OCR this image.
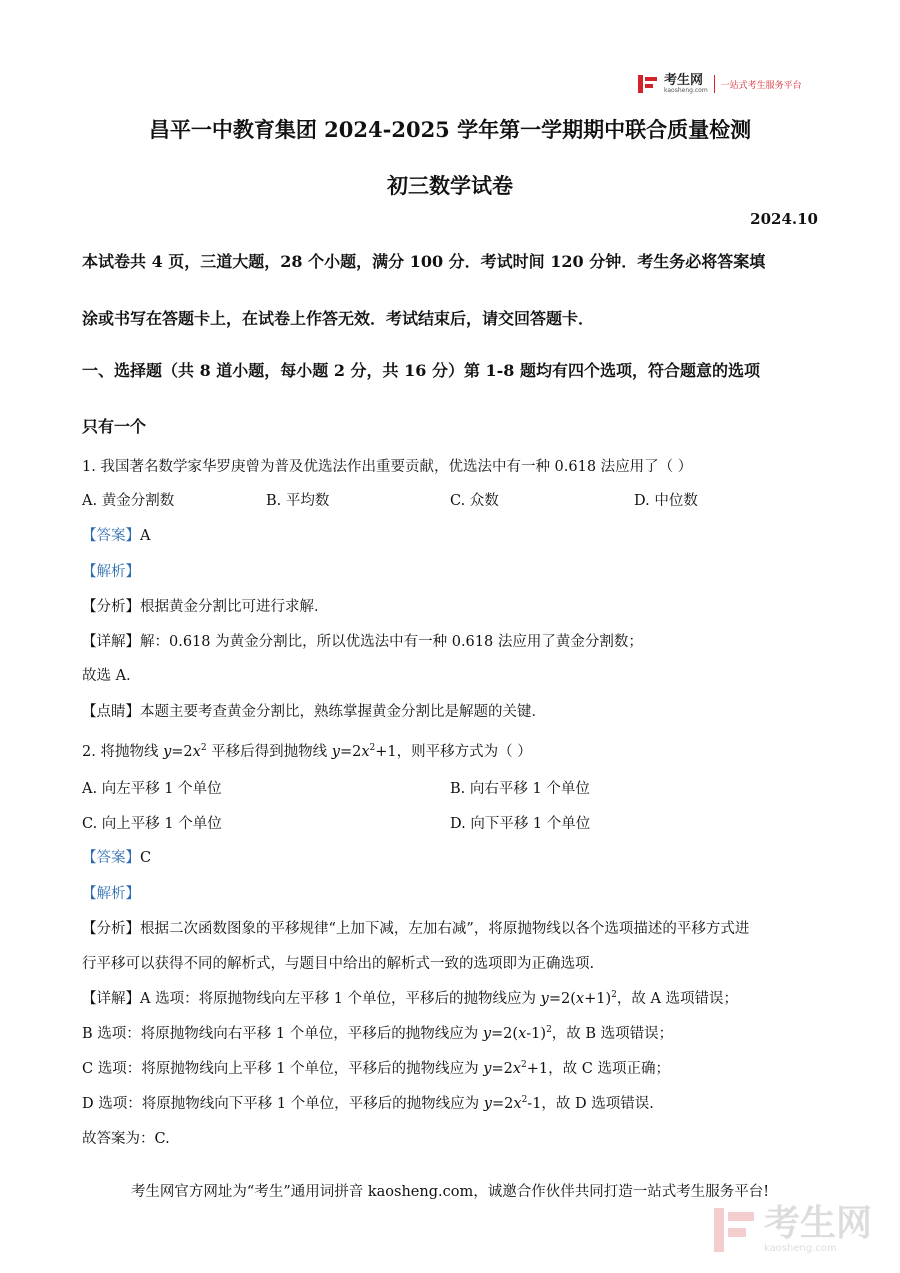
考生网
kaosheng.com 一站式考生服务平台
昌平一中教育集团 2024-2025 学年第一学期期中联合质量检测
初三数学试卷
2024.10
本试卷共 4 页，三道大题，28 个小题，满分 100 分．考试时间 120 分钟．考生务必将答案填
涂或书写在答题卡上，在试卷上作答无效．考试结束后，请交回答题卡．
一、选择题（共 8 道小题，每小题 2 分，共 16 分）第 1-8 题均有四个选项，符合题意的选项
只有一个
1. 我国著名数学家华罗庚曾为普及优选法作出重要贡献，优选法中有一种 0.618 法应用了（ ）
A. 黄金分割数	B. 平均数	C. 众数	D. 中位数
【答案】A
【解析】
【分析】根据黄金分割比可进行求解．
【详解】解：0.618 为黄金分割比，所以优选法中有一种 0.618 法应用了黄金分割数；
故选 A．
【点睛】本题主要考查黄金分割比，熟练掌握黄金分割比是解题的关键．
2. 将抛物线 $y=2x^2$ 平移后得到抛物线 $y=2x^2+1$，则平移方式为（ ）
A. 向左平移 1 个单位	B. 向右平移 1 个单位
C. 向上平移 1 个单位	D. 向下平移 1 个单位
【答案】C
【解析】
【分析】根据二次函数图象的平移规律“上加下减，左加右减”，将原抛物线以各个选项描述的平移方式进
行平移可以获得不同的解析式，与题目中给出的解析式一致的选项即为正确选项.
【详解】A 选项：将原抛物线向左平移 1 个单位，平移后的抛物线应为 $y=2(x+1)^2$，故 A 选项错误；
B 选项：将原抛物线向右平移 1 个单位，平移后的抛物线应为 $y=2(x-1)^2$，故 B 选项错误；
C 选项：将原抛物线向上平移 1 个单位，平移后的抛物线应为 $y=2x^2+1$，故 C 选项正确；
D 选项：将原抛物线向下平移 1 个单位，平移后的抛物线应为 $y=2x^2-1$，故 D 选项错误.
故答案为：C.
考生网官方网址为“考生”通用词拼音 kaosheng.com，诚邀合作伙伴共同打造一站式考生服务平台!
考生网
kaosheng.com
